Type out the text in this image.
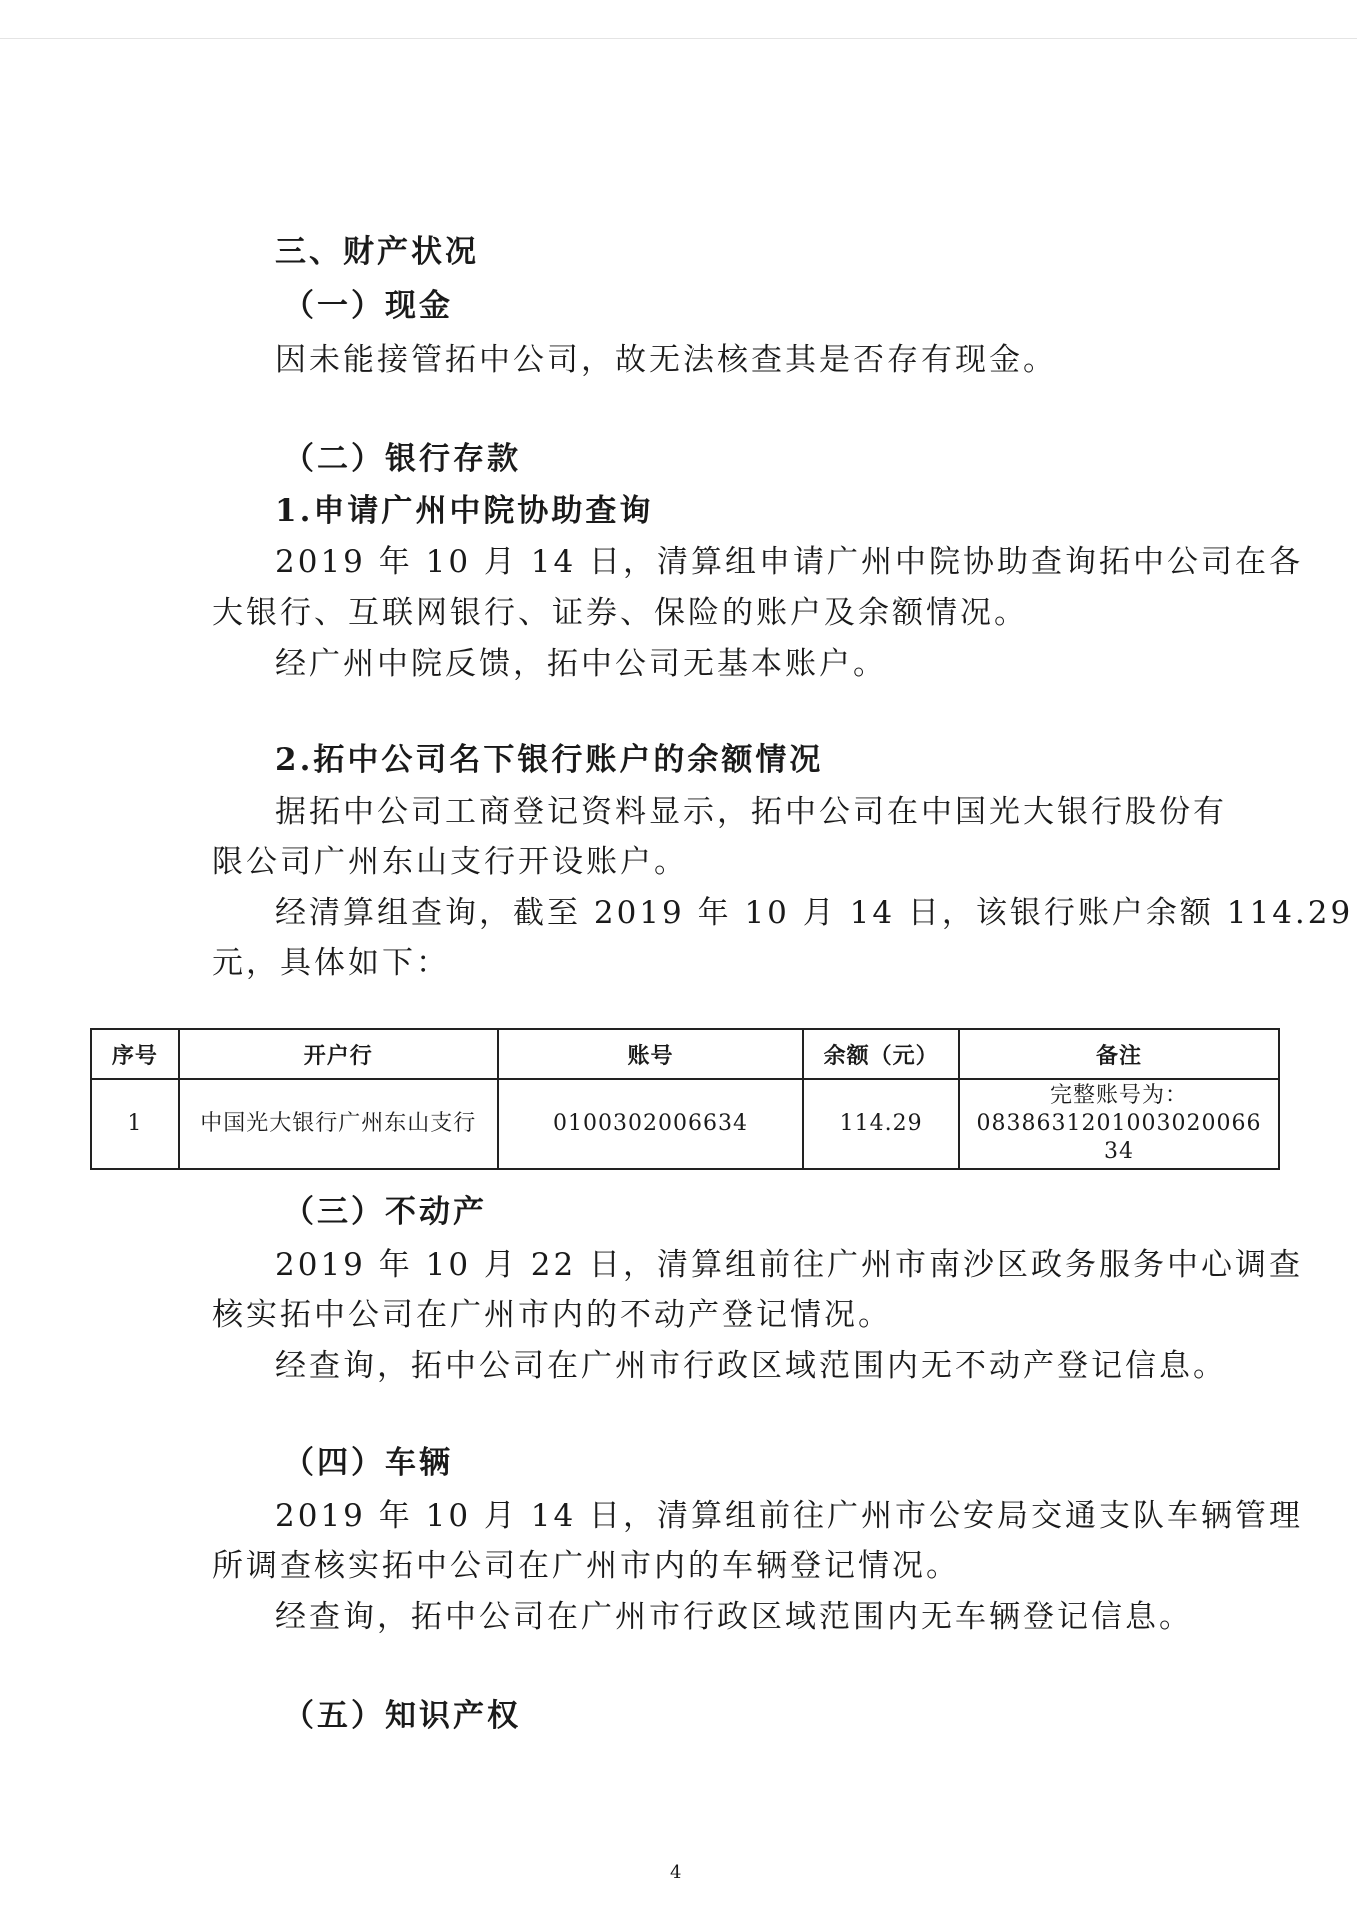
三、财产状况
（一）现金
因未能接管拓中公司，故无法核查其是否存有现金。
（二）银行存款
1.申请广州中院协助查询
2019 年 10 月 14 日，清算组申请广州中院协助查询拓中公司在各
大银行、互联网银行、证券、保险的账户及余额情况。
经广州中院反馈，拓中公司无基本账户。
2.拓中公司名下银行账户的余额情况
据拓中公司工商登记资料显示，拓中公司在中国光大银行股份有
限公司广州东山支行开设账户。
经清算组查询，截至 2019 年 10 月 14 日，该银行账户余额 114.29
元，具体如下：
序号	开户行	账号	余额（元）	备注
1	中国光大银行广州东山支行	0100302006634	114.29	完整账号为：
0838631201003020066 34
（三）不动产
2019 年 10 月 22 日，清算组前往广州市南沙区政务服务中心调查
核实拓中公司在广州市内的不动产登记情况。
经查询，拓中公司在广州市行政区域范围内无不动产登记信息。
（四）车辆
2019 年 10 月 14 日，清算组前往广州市公安局交通支队车辆管理
所调查核实拓中公司在广州市内的车辆登记情况。
经查询，拓中公司在广州市行政区域范围内无车辆登记信息。
（五）知识产权
4
